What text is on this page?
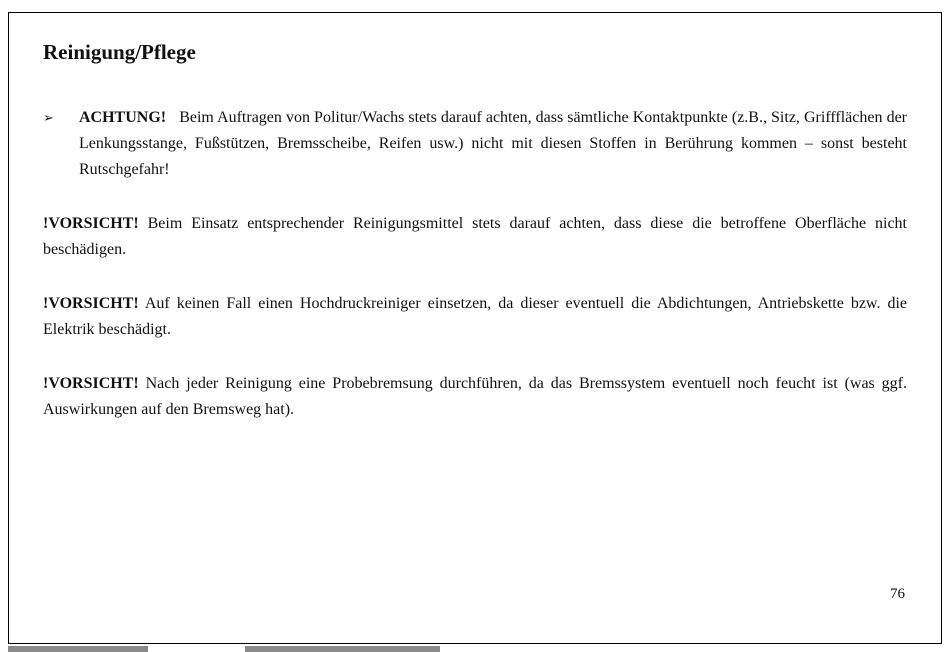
Reinigung/Pflege
➢	ACHTUNG! Beim Auftragen von Politur/Wachs stets darauf achten, dass sämtliche Kontaktpunkte (z.B., Sitz, Griffflächen der Lenkungsstange, Fußstützen, Bremsscheibe, Reifen usw.) nicht mit diesen Stoffen in Berührung kommen – sonst besteht Rutschgefahr!

!VORSICHT! Beim Einsatz entsprechender Reinigungsmittel stets darauf achten, dass diese die betroffene Oberfläche nicht beschädigen.

!VORSICHT! Auf keinen Fall einen Hochdruckreiniger einsetzen, da dieser eventuell die Abdichtungen, Antriebskette bzw. die Elektrik beschädigt.

!VORSICHT! Nach jeder Reinigung eine Probebremsung durchführen, da das Bremssystem eventuell noch feucht ist (was ggf. Auswirkungen auf den Bremsweg hat).

76
